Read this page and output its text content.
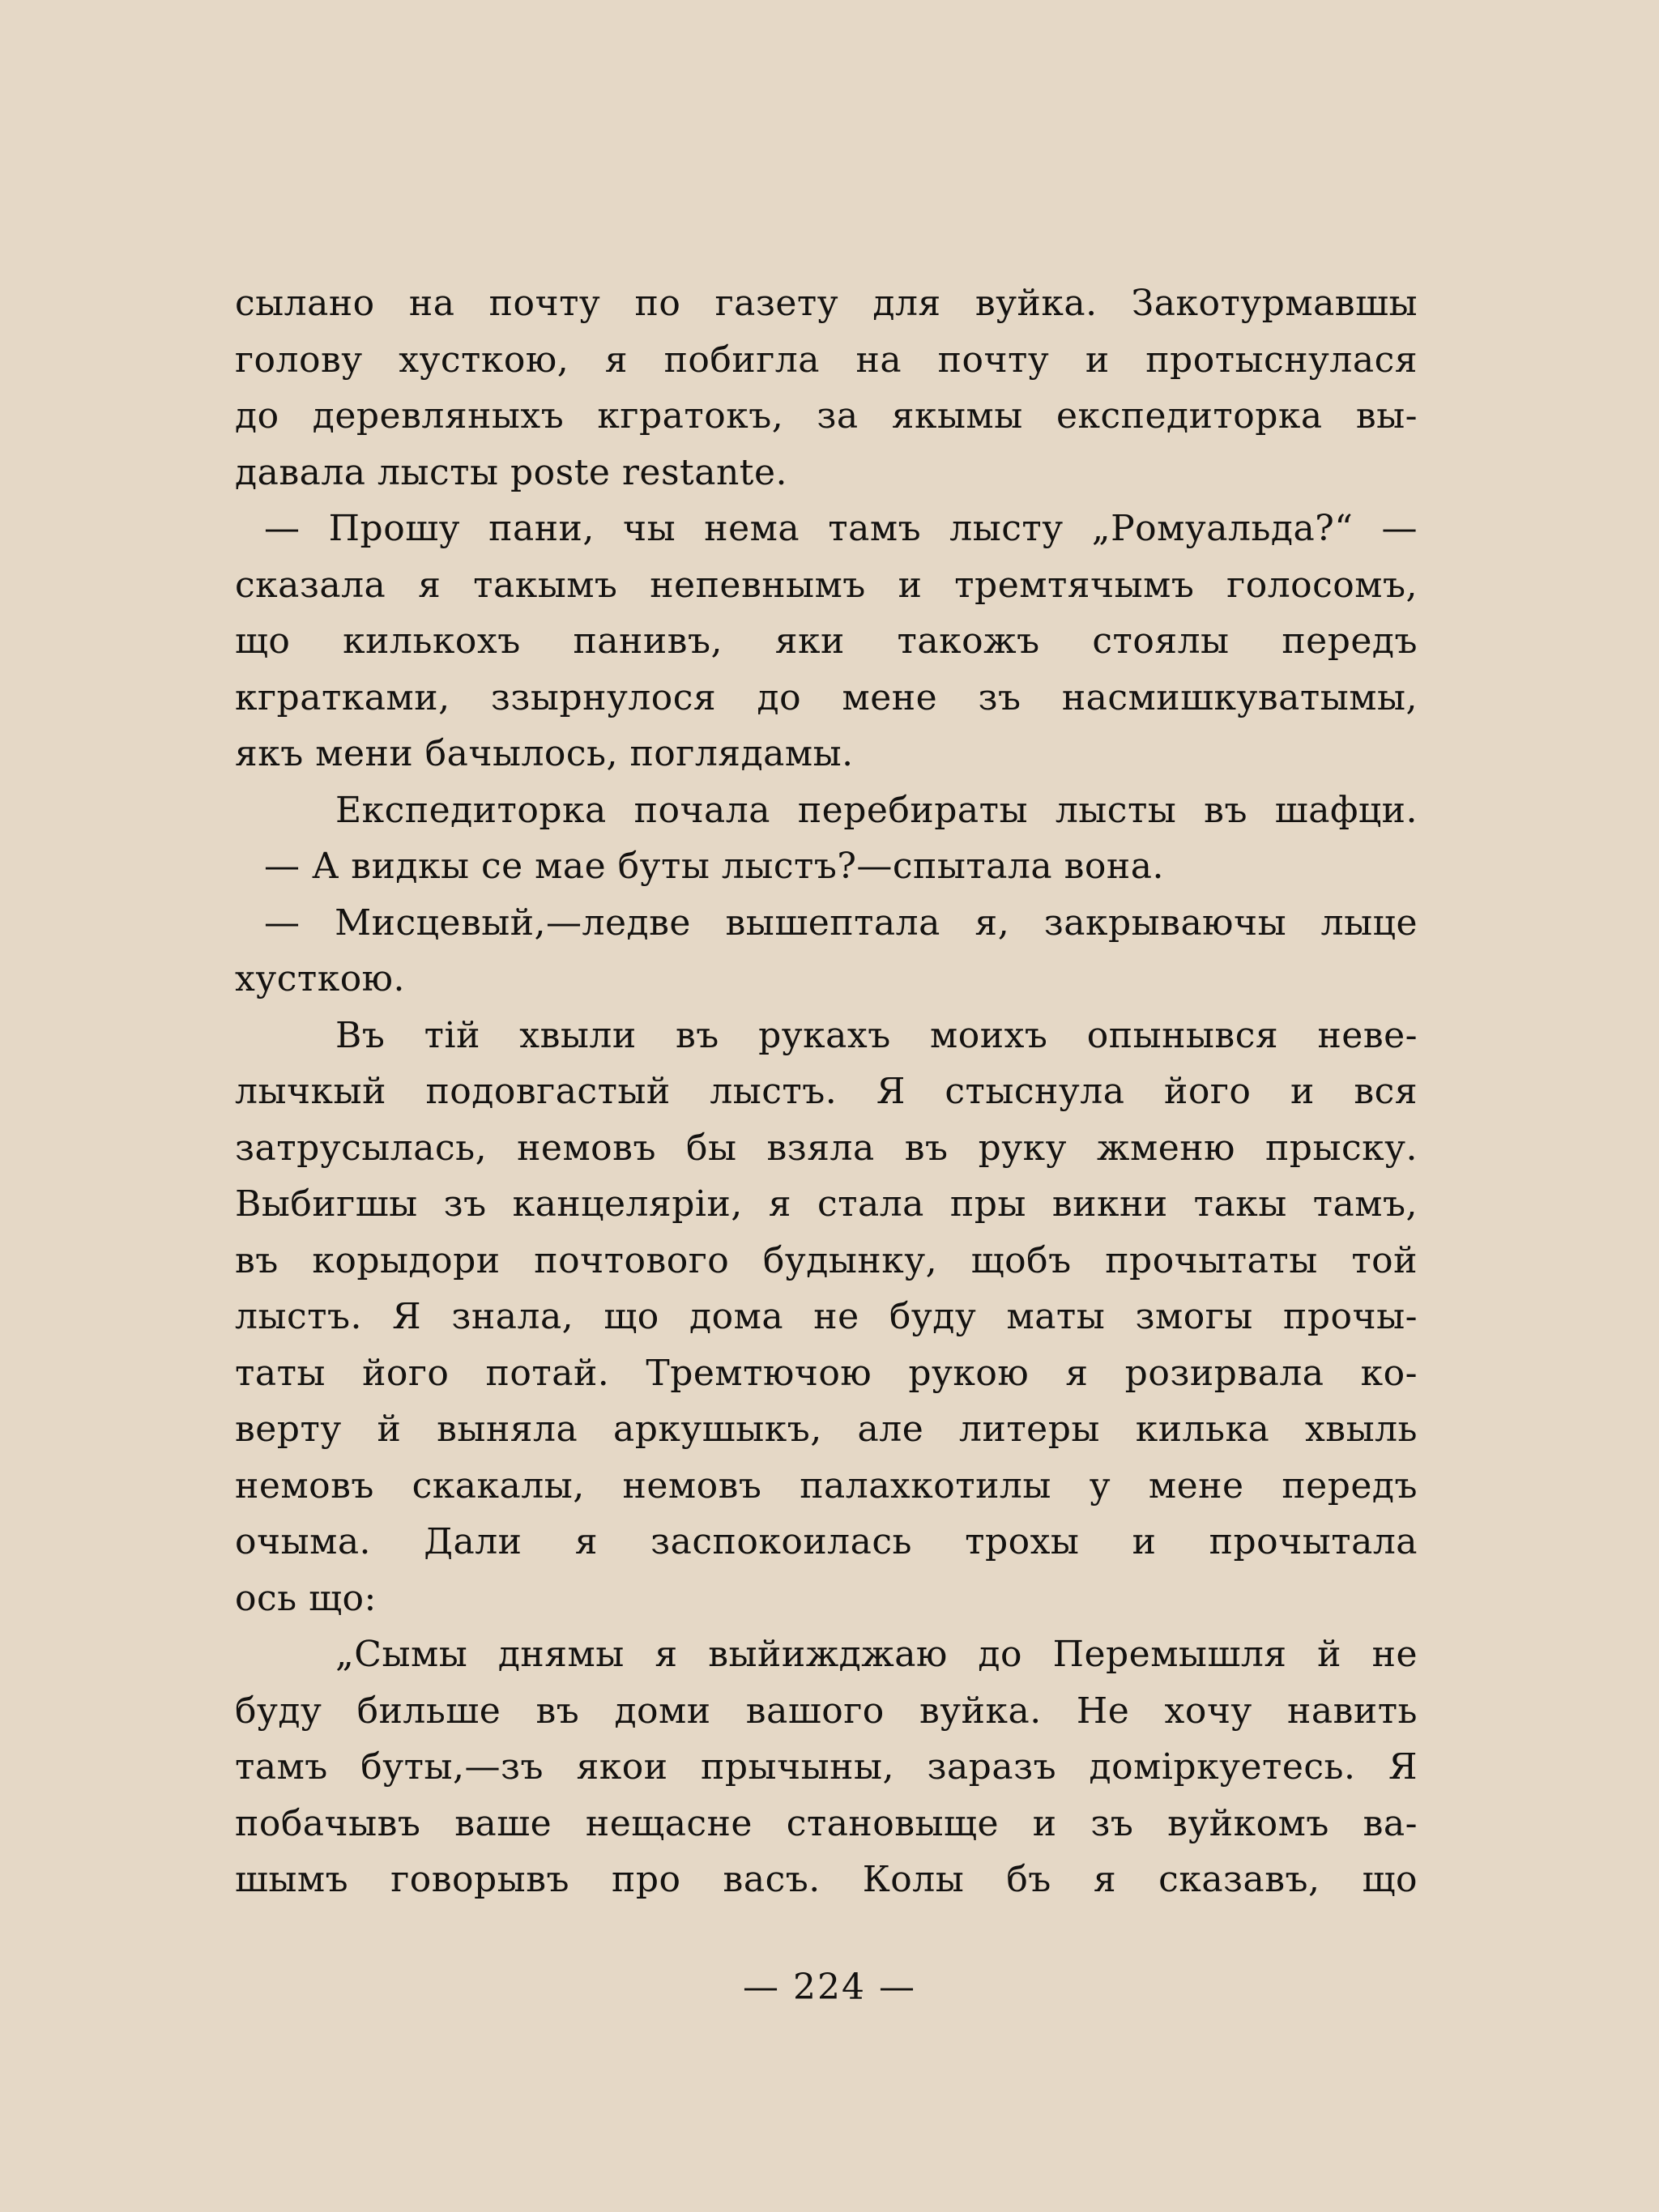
сылано на почту по газету для вуйка. Закотурмавшы
голову хусткою, я побигла на почту и протыснулася
до дерeвляныхъ кгратокъ, за якымы експедиторка вы-
давала лысты poste restante.
— Прошу пани, чы нема тамъ лысту „Ромуальда?“ —
сказала я такымъ непевнымъ и тремтячымъ голосомъ,
що килькохъ панивъ, яки такожъ стоялы передъ
кгратками, ззырнулося до мене зъ насмишкуватымы,
якъ мени бачылось, поглядамы.
Експедиторка почала перебираты лысты въ шафци.
— А видкы се мае буты лыстъ?—спытала вона.
— Мисцевый,—ледве вышептала я, закрываючы лыце
хусткою.
Въ тій хвыли въ рукахъ моихъ опынывся неве-
лычкый подовгастый лыстъ. Я стыснула його и вся
затрусылась, немовъ бы взяла въ руку жменю прыску.
Выбигшы зъ канцеляріи, я стала пры викни такы тамъ,
въ корыдори почтового будынку, щобъ прочытаты той
лыстъ. Я знала, що дома не буду маты змогы прочы-
таты його потай. Тремтючою рукою я розирвала ко-
верту й выняла аркушыкъ, але литеры килька хвыль
немовъ скакалы, немовъ палахкотилы у мене передъ
очыма. Дали я заспокоилась трохы и прочытала
ось що:
„Сымы днямы я выйижджаю до Перемышля й не
буду бильше въ доми вашого вуйка. Не хочу навить
тамъ буты,—зъ якои прычыны, заразъ доміркуетесь. Я
побачывъ ваше нещасне становыще и зъ вуйкомъ ва-
шымъ говорывъ про васъ. Колы бъ я сказавъ, що
— 224 —
